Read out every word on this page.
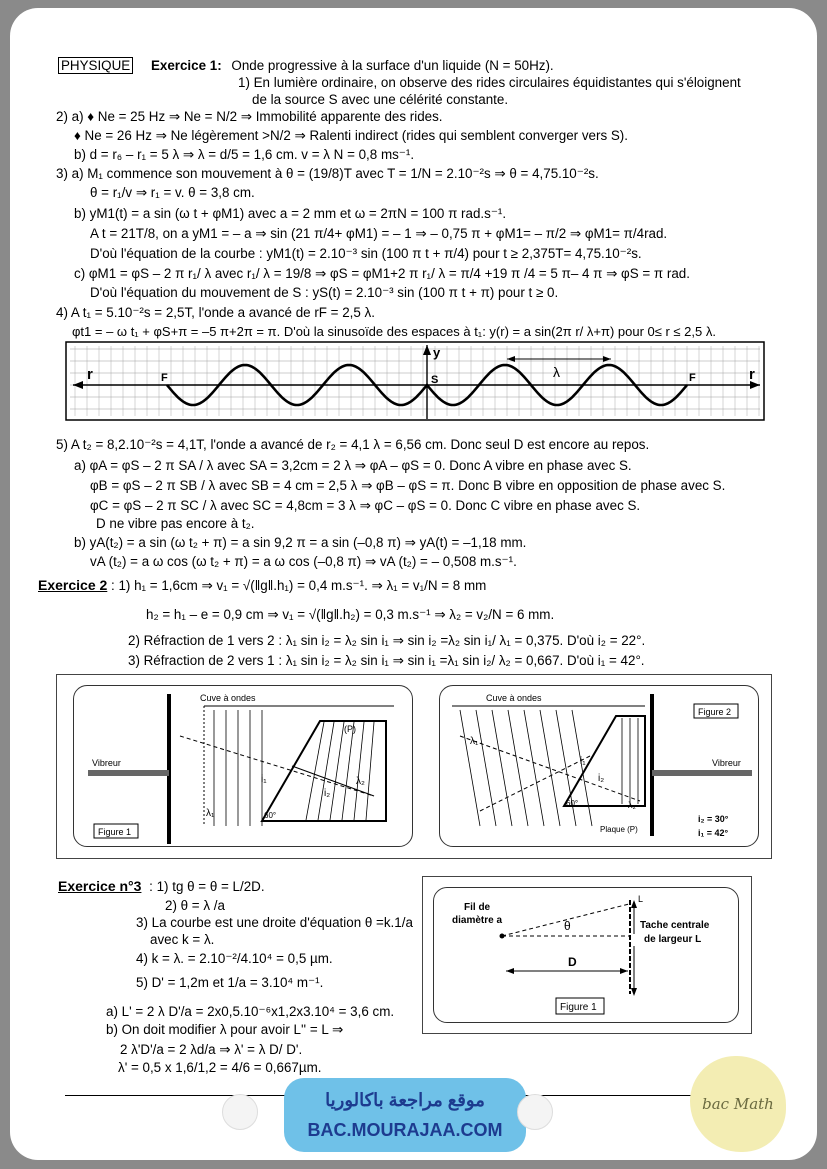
PHYSIQUE Exercice 1: Onde progressive à la surface d'un liquide (N = 50Hz).
1) En lumière ordinaire, on observe des rides circulaires équidistantes qui s'éloignent
de la source S avec une célérité constante.
2) a) ♦ Ne = 25 Hz ⇒ Ne = N/2 ⇒ Immobilité apparente des rides.
♦ Ne = 26 Hz ⇒ Ne légèrement >N/2 ⇒ Ralenti indirect (rides qui semblent converger vers S).
b) d = r₆ – r₁ = 5 λ ⇒ λ = d/5 = 1,6 cm. v = λ N = 0,8 ms⁻¹.
3) a) M₁ commence son mouvement à θ = (19/8)T avec T = 1/N = 2.10⁻²s ⇒ θ = 4,75.10⁻²s.
θ = r₁/v ⇒ r₁ = v. θ = 3,8 cm.
b) yM1(t) = a sin (ω t + φM1) avec a = 2 mm et ω = 2πN = 100 π rad.s⁻¹.
A t = 21T/8, on a yM1 = – a ⇒ sin (21 π/4+ φM1) = – 1 ⇒ – 0,75 π + φM1= – π/2 ⇒ φM1= π/4rad.
D'où l'équation de la courbe : yM1(t) = 2.10⁻³ sin (100 π t + π/4) pour t ≥ 2,375T= 4,75.10⁻²s.
c) φM1 = φS – 2 π r₁/ λ avec r₁/ λ = 19/8 ⇒ φS = φM1+2 π r₁/ λ = π/4 +19 π /4 = 5 π– 4 π ⇒ φS = π rad.
D'où l'équation du mouvement de S : yS(t) = 2.10⁻³ sin (100 π t + π) pour t ≥ 0.
4) A t₁ = 5.10⁻²s = 2,5T, l'onde a avancé de rF = 2,5 λ.
φt1 = – ω t₁ + φS+π = –5 π+2π = π. D'où la sinusoïde des espaces à t₁: y(r) = a sin(2π r/ λ+π) pour 0≤ r ≤ 2,5 λ.
r	F	S
y
λ	F	r
5) A t₂ = 8,2.10⁻²s = 4,1T, l'onde a avancé de r₂ = 4,1 λ = 6,56 cm. Donc seul D est encore au repos.
a) φA = φS – 2 π SA / λ avec SA = 3,2cm = 2 λ ⇒ φA – φS = 0. Donc A vibre en phase avec S.
φB = φS – 2 π SB / λ avec SB = 4 cm = 2,5 λ ⇒ φB – φS = π. Donc B vibre en opposition de phase avec S.
φC = φS – 2 π SC / λ avec SC = 4,8cm = 3 λ ⇒ φC – φS = 0. Donc C vibre en phase avec S.
D ne vibre pas encore à t₂.
b) yA(t₂) = a sin (ω t₂ + π) = a sin 9,2 π = a sin (–0,8 π) ⇒ yA(t) = –1,18 mm.
vA (t₂) = a ω cos (ω t₂ + π) = a ω cos (–0,8 π) ⇒ vA (t₂) = – 0,508 m.s⁻¹.
Exercice 2 : 1) h₁ = 1,6cm ⇒ v₁ = √(‖g‖.h₁) = 0,4 m.s⁻¹. ⇒ λ₁ = v₁/N = 8 mm
h₂ = h₁ – e = 0,9 cm ⇒ v₁ = √(‖g‖.h₂) = 0,3 m.s⁻¹ ⇒ λ₂ = v₂/N = 6 mm.
2) Réfraction de 1 vers 2 : λ₁ sin i₂ = λ₂ sin i₁ ⇒ sin i₂ =λ₂ sin i₁/ λ₁ = 0,375. D'où i₂ = 22°.
3) Réfraction de 2 vers 1 : λ₁ sin i₂ = λ₂ sin i₁ ⇒ sin i₁ =λ₁ sin i₂/ λ₂ = 0,667. D'où i₁ = 42°.
Cuve à ondes
Vibreur
(P)
i₁
i₂
λ₁
λ₂
60°
Figure 1
Cuve à ondes
Vibreur
Plaque (P)
i₁
i₂
λ₁
λ₂
60°
i₂ = 30°
i₁ = 42°
Figure 2
Exercice n°3 : 1) tg θ = θ = L/2D.
2) θ = λ /a
3) La courbe est une droite d'équation θ =k.1/a
avec k = λ.
4) k = λ. = 2.10⁻²/4.10⁴ = 0,5 µm.
5) D' = 1,2m et 1/a = 3.10⁴ m⁻¹.
a) L' = 2 λ D'/a = 2x0,5.10⁻⁶x1,2x3.10⁴ = 3,6 cm.
b) On doit modifier λ pour avoir L'' = L ⇒
2 λ'D'/a = 2 λd/a ⇒ λ' = λ D/ D'.
λ' = 0,5 x 1,6/1,2 = 4/6 = 0,667µm.
Fil de
diamètre a	θ	Tache centrale
de largeur L
L
D
Figure 1
موقع مراجعة باكالوريا
BAC.MOURAJAA.COM
bac Math
